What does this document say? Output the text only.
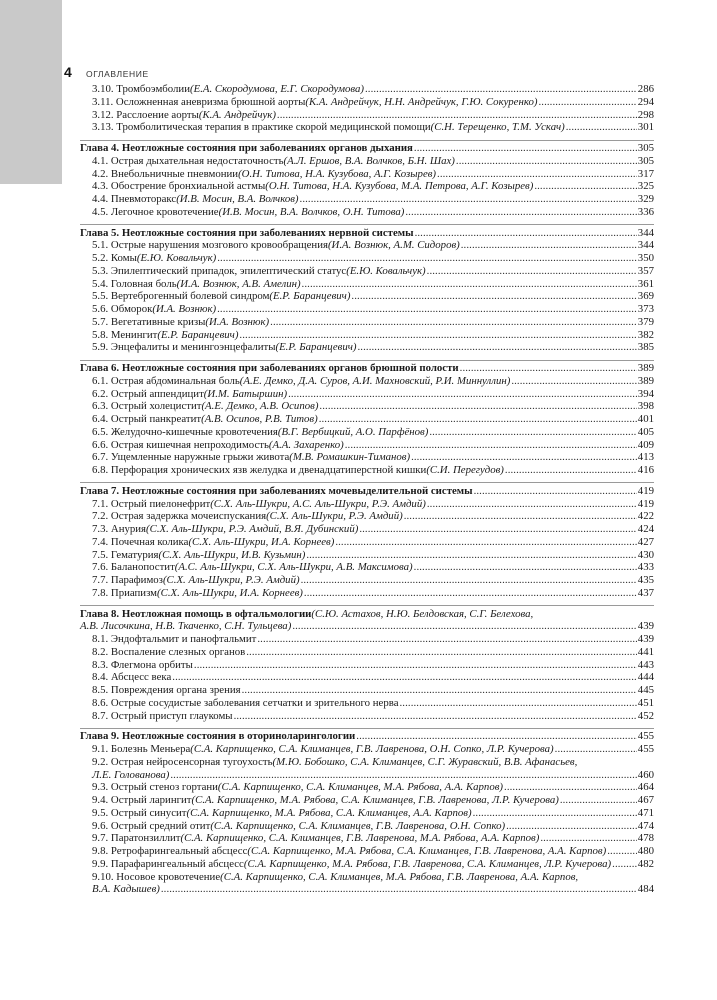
4 ОГЛАВЛЕНИЕ
3.10. Тромбоэмболии (Е.А. Скородумова, Е.Г. Скородумова) . . .	286
3.11. Осложненная аневризма брюшной аорты (К.А. Андрейчук, Н.Н. Андрейчук, Г.Ю. Сокуренко) . . .	294
3.12. Расслоение аорты (К.А. Андрейчук) . . .	298
3.13. Тромболитическая терапия в практике скорой медицинской помощи (С.Н. Терещенко, Т.М. Ускач) . . .	301
Глава 4. Неотложные состояния при заболеваниях органов дыхания . . .	305
4.1. Острая дыхательная недостаточность (А.Л. Ершов, В.А. Волчков, Б.Н. Шах) . . .	305
4.2. Внебольничные пневмонии (О.Н. Титова, Н.А. Кузубова, А.Г. Козырев) . . .	317
4.3. Обострение бронхиальной астмы (О.Н. Титова, Н.А. Кузубова, М.А. Петрова, А.Г. Козырев) . . .	325
4.4. Пневмоторакс (И.В. Мосин, В.А. Волчков) . . .	329
4.5. Легочное кровотечение (И.В. Мосин, В.А. Волчков, О.Н. Титова) . . .	336
Глава 5. Неотложные состояния при заболеваниях нервной системы . . .	344
5.1. Острые нарушения мозгового кровообращения (И.А. Вознюк, А.М. Сидоров) . . .	344
5.2. Комы (Е.Ю. Ковальчук) . . .	350
5.3. Эпилептический припадок, эпилептический статус (Е.Ю. Ковальчук) . . .	357
5.4. Головная боль (И.А. Вознюк, А.В. Амелин) . . .	361
5.5. Вертеброгенный болевой синдром (Е.Р. Баранцевич) . . .	369
5.6. Обморок (И.А. Вознюк) . . .	373
5.7. Вегетативные кризы (И.А. Вознюк) . . .	379
5.8. Менингит (Е.Р. Баранцевич) . . .	382
5.9. Энцефалиты и менингоэнцефалиты (Е.Р. Баранцевич) . . .	385
Глава 6. Неотложные состояния при заболеваниях органов брюшной полости . . .	389
6.1. Острая абдоминальная боль (А.Е. Демко, Д.А. Суров, А.И. Махновский, Р.И. Миннуллин) . . .	389
6.2. Острый аппендицит (И.М. Батыршин) . . .	394
6.3. Острый холецистит (А.Е. Демко, А.В. Осипов) . . .	398
6.4. Острый панкреатит (А.В. Осипов, Р.В. Титов) . . .	401
6.5. Желудочно-кишечные кровотечения (В.Г. Вербицкий, А.О. Парфёнов) . . .	405
6.6. Острая кишечная непроходимость (А.А. Захаренко) . . .	409
6.7. Ущемленные наружные грыжи живота (М.В. Ромашкин-Тиманов) . . .	413
6.8. Перфорация хронических язв желудка и двенадцатиперстной кишки (С.И. Перегудов) . . .	416
Глава 7. Неотложные состояния при заболеваниях мочевыделительной системы . . .	419
7.1. Острый пиелонефрит (С.Х. Аль-Шукри, А.С. Аль-Шукри, Р.Э. Амдий) . . .	419
7.2. Острая задержка мочеиспускания (С.Х. Аль-Шукри, Р.Э. Амдий) . . .	422
7.3. Анурия (С.Х. Аль-Шукри, Р.Э. Амдий, В.Я. Дубинский) . . .	424
7.4. Почечная колика (С.Х. Аль-Шукри, И.А. Корнеев) . . .	427
7.5. Гематурия (С.Х. Аль-Шукри, И.В. Кузьмин) . . .	430
7.6. Баланопостит (А.С. Аль-Шукри, С.Х. Аль-Шукри, А.В. Максимова) . . .	433
7.7. Парафимоз (С.Х. Аль-Шукри, Р.Э. Амдий) . . .	435
7.8. Приапизм (С.Х. Аль-Шукри, И.А. Корнеев) . . .	437
Глава 8. Неотложная помощь в офтальмологии (С.Ю. Астахов, Н.Ю. Белдовская, С.Г. Белехова,
А.В. Лисочкина, Н.В. Ткаченко, С.Н. Тульцева) . . .	439
8.1. Эндофтальмит и панофтальмит . . .	439
8.2. Воспаление слезных органов . . .	441
8.3. Флегмона орбиты . . .	443
8.4. Абсцесс века . . .	444
8.5. Повреждения органа зрения . . .	445
8.6. Острые сосудистые заболевания сетчатки и зрительного нерва . . .	451
8.7. Острый приступ глаукомы . . .	452
Глава 9. Неотложные состояния в оториноларингологии . . .	455
9.1. Болезнь Меньера (С.А. Карпищенко, С.А. Климанцев, Г.В. Лавренова, О.Н. Сопко, Л.Р. Кучерова) . . .	455
9.2. Острая нейросенсорная тугоухость (М.Ю. Бобошко, С.А. Климанцев, С.Г. Журавский, В.В. Афанасьев,
Л.Е. Голованова) . . .	460
9.3. Острый стеноз гортани (С.А. Карпищенко, С.А. Климанцев, М.А. Рябова, А.А. Карпов) . . .	464
9.4. Острый ларингит (С.А. Карпищенко, М.А. Рябова, С.А. Климанцев, Г.В. Лавренова, Л.Р. Кучерова) . . .	467
9.5. Острый синусит (С.А. Карпищенко, М.А. Рябова, С.А. Климанцев, А.А. Карпов) . . .	471
9.6. Острый средний отит (С.А. Карпищенко, С.А. Климанцев, Г.В. Лавренова, О.Н. Сопко) . . .	474
9.7. Паратонзиллит (С.А. Карпищенко, С.А. Климанцев, Г.В. Лавренова, М.А. Рябова, А.А. Карпов) . . .	478
9.8. Ретрофарингеальный абсцесс (С.А. Карпищенко, М.А. Рябова, С.А. Климанцев, Г.В. Лавренова, А.А. Карпов) . . .	480
9.9. Парафарингеальный абсцесс (С.А. Карпищенко, М.А. Рябова, Г.В. Лавренова, С.А. Климанцев, Л.Р. Кучерова) . . . 482
9.10. Носовое кровотечение (С.А. Карпищенко, С.А. Климанцев, М.А. Рябова, Г.В. Лавренова, А.А. Карпов,
В.А. Кадышев) . . .	484
